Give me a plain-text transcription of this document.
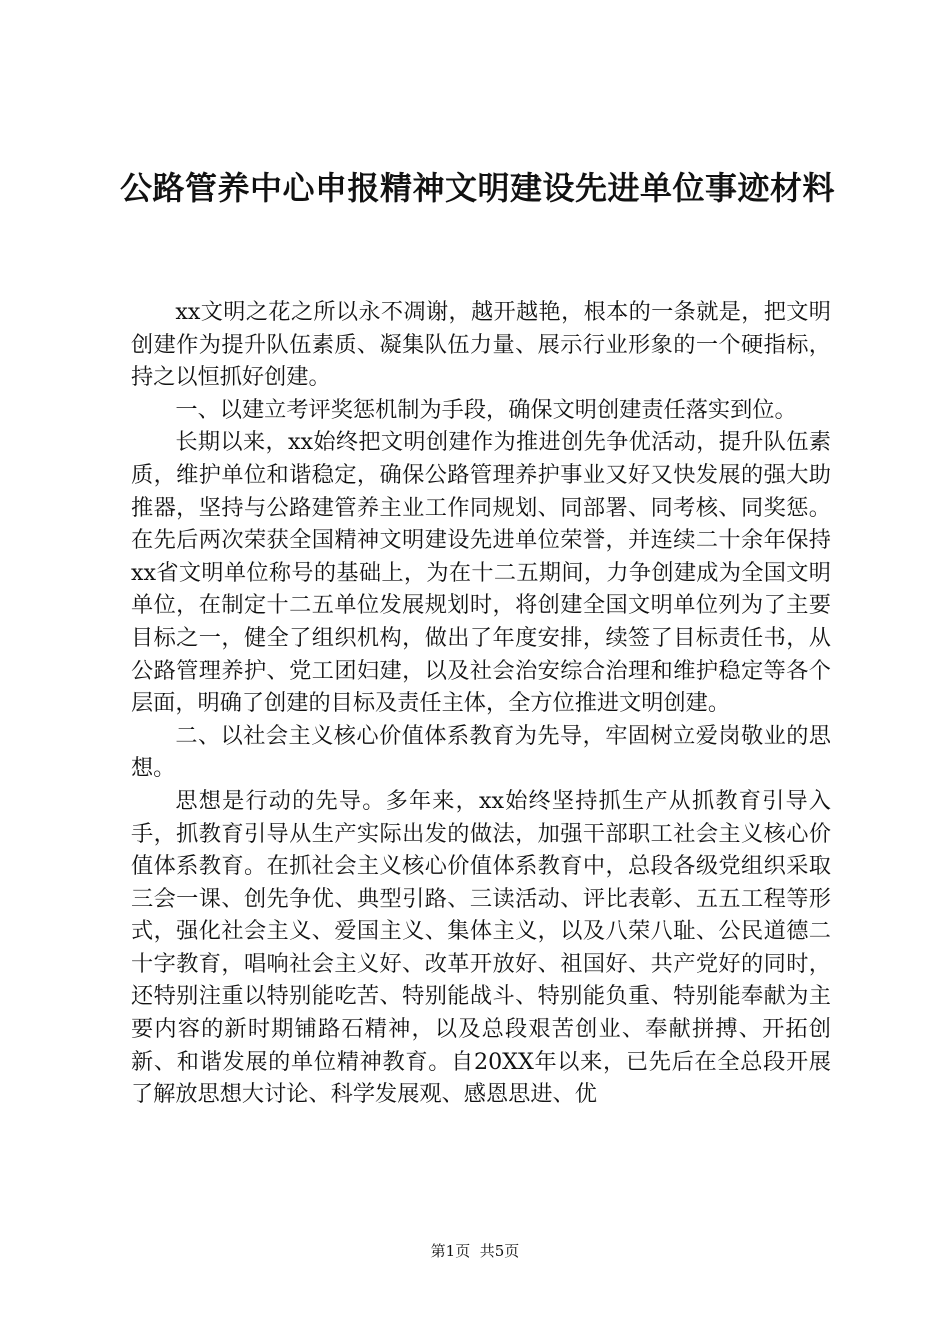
公路管养中心申报精神文明建设先进单位事迹材料

xx文明之花之所以永不凋谢，越开越艳，根本的一条就是，把文明创建作为提升队伍素质、凝集队伍力量、展示行业形象的一个硬指标，持之以恒抓好创建。

一、以建立考评奖惩机制为手段，确保文明创建责任落实到位。

长期以来，xx始终把文明创建作为推进创先争优活动，提升队伍素质，维护单位和谐稳定，确保公路管理养护事业又好又快发展的强大助推器，坚持与公路建管养主业工作同规划、同部署、同考核、同奖惩。在先后两次荣获全国精神文明建设先进单位荣誉，并连续二十余年保持xx省文明单位称号的基础上，为在十二五期间，力争创建成为全国文明单位，在制定十二五单位发展规划时，将创建全国文明单位列为了主要目标之一，健全了组织机构，做出了年度安排，续签了目标责任书，从公路管理养护、党工团妇建，以及社会治安综合治理和维护稳定等各个层面，明确了创建的目标及责任主体，全方位推进文明创建。

二、以社会主义核心价值体系教育为先导，牢固树立爱岗敬业的思想。

思想是行动的先导。多年来，xx始终坚持抓生产从抓教育引导入手，抓教育引导从生产实际出发的做法，加强干部职工社会主义核心价值体系教育。在抓社会主义核心价值体系教育中，总段各级党组织采取三会一课、创先争优、典型引路、三读活动、评比表彰、五五工程等形式，强化社会主义、爱国主义、集体主义，以及八荣八耻、公民道德二十字教育，唱响社会主义好、改革开放好、祖国好、共产党好的同时，还特别注重以特别能吃苦、特别能战斗、特别能负重、特别能奉献为主要内容的新时期铺路石精神，以及总段艰苦创业、奉献拼搏、开拓创新、和谐发展的单位精神教育。自20XX年以来，已先后在全总段开展了解放思想大讨论、科学发展观、感恩思进、优

第1页 共5页
